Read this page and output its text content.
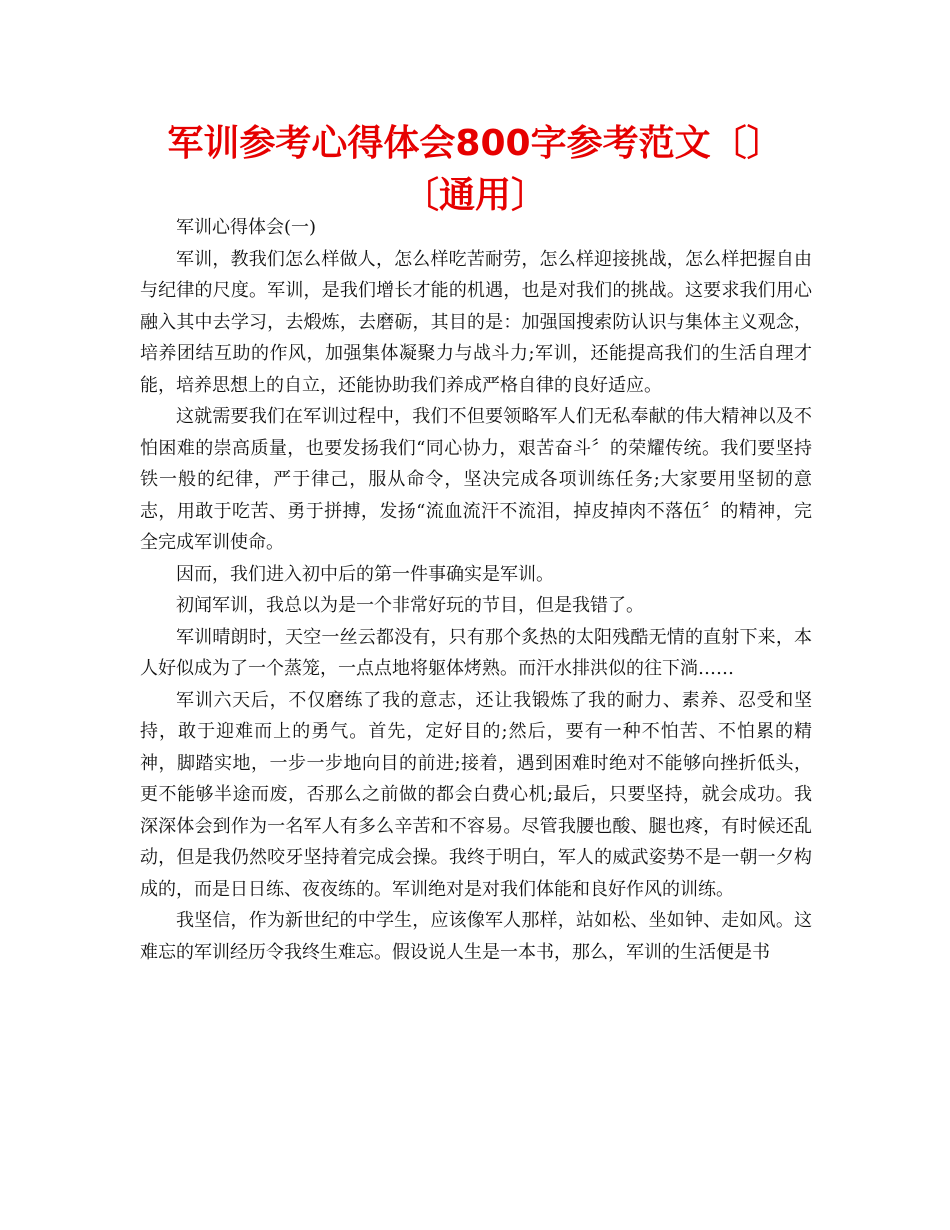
军训参考心得体会800字参考范文〔〕
〔通用〕

军训心得体会(一)

军训，教我们怎么样做人，怎么样吃苦耐劳，怎么样迎接挑战，怎么样把握自由与纪律的尺度。军训，是我们增长才能的机遇，也是对我们的挑战。这要求我们用心融入其中去学习，去煅炼，去磨砺，其目的是：加强国搜索防认识与集体主义观念，培养团结互助的作风，加强集体凝聚力与战斗力;军训，还能提高我们的生活自理才能，培养思想上的自立，还能协助我们养成严格自律的良好适应。

这就需要我们在军训过程中，我们不但要领略军人们无私奉献的伟大精神以及不怕困难的崇高质量，也要发扬我们“同心协力，艰苦奋斗〞的荣耀传统。我们要坚持铁一般的纪律，严于律己，服从命令，坚决完成各项训练任务;大家要用坚韧的意志，用敢于吃苦、勇于拼搏，发扬“流血流汗不流泪，掉皮掉肉不落伍〞的精神，完全完成军训使命。

因而，我们进入初中后的第一件事确实是军训。

初闻军训，我总以为是一个非常好玩的节目，但是我错了。

军训晴朗时，天空一丝云都没有，只有那个炙热的太阳残酷无情的直射下来，本人好似成为了一个蒸笼，一点点地将躯体烤熟。而汗水排洪似的往下淌……

军训六天后，不仅磨练了我的意志，还让我锻炼了我的耐力、素养、忍受和坚持，敢于迎难而上的勇气。首先，定好目的;然后，要有一种不怕苦、不怕累的精神，脚踏实地，一步一步地向目的前进;接着，遇到困难时绝对不能够向挫折低头，更不能够半途而废，否那么之前做的都会白费心机;最后，只要坚持，就会成功。我深深体会到作为一名军人有多么辛苦和不容易。尽管我腰也酸、腿也疼，有时候还乱动，但是我仍然咬牙坚持着完成会操。我终于明白，军人的威武姿势不是一朝一夕构成的，而是日日练、夜夜练的。军训绝对是对我们体能和良好作风的训练。

我坚信，作为新世纪的中学生，应该像军人那样，站如松、坐如钟、走如风。这难忘的军训经历令我终生难忘。假设说人生是一本书，那么，军训的生活便是书
